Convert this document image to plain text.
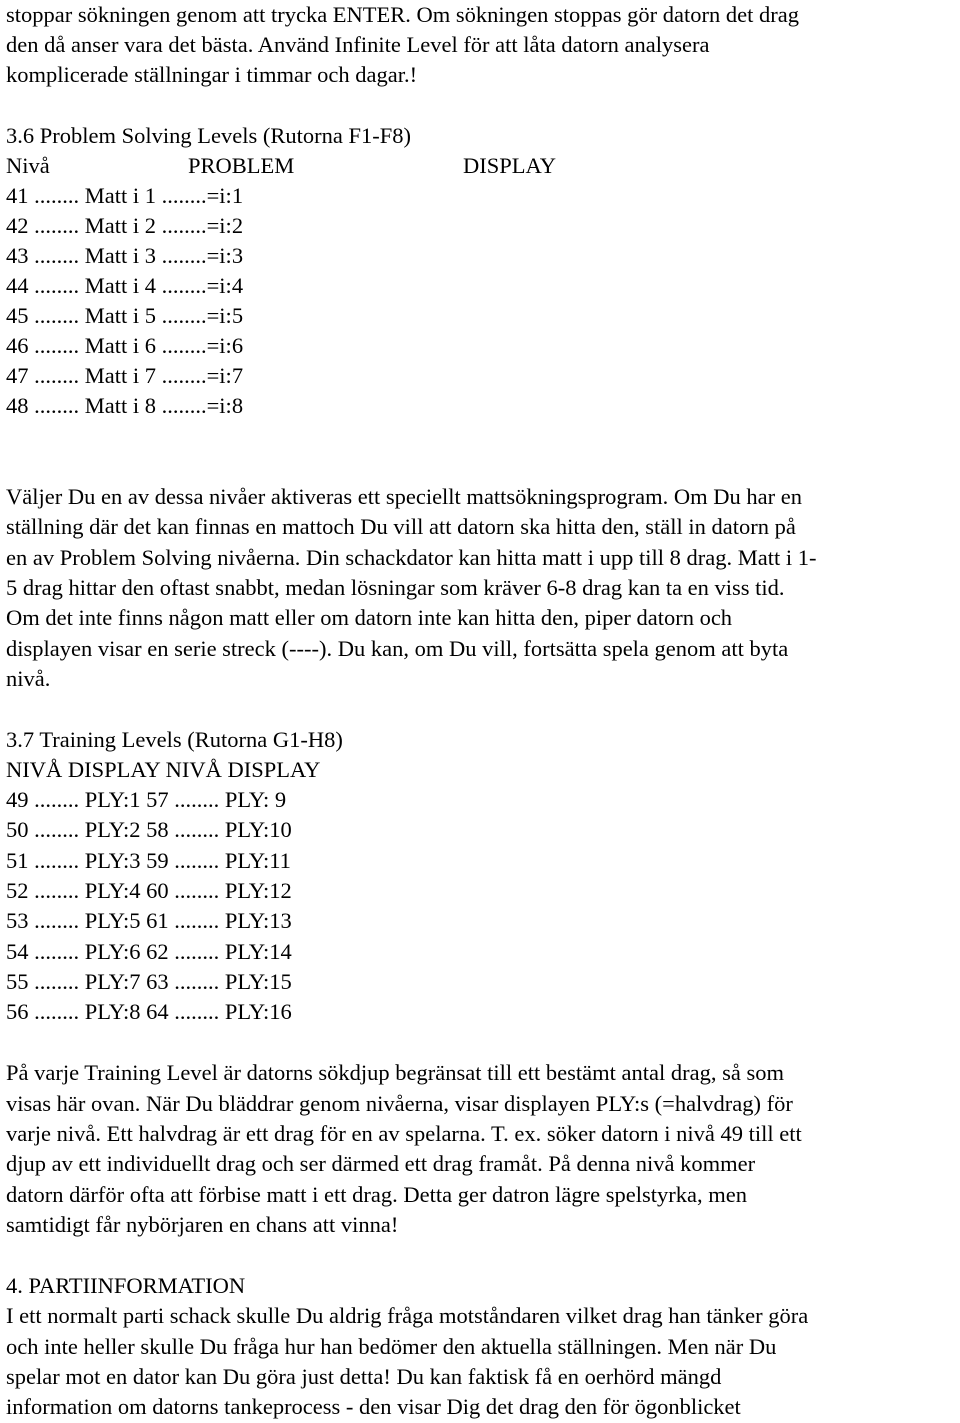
stoppar sökningen genom att trycka ENTER. Om sökningen stoppas gör datorn det drag
den då anser vara det bästa. Använd Infinite Level för att låta datorn analysera
komplicerade ställningar i timmar och dagar.!
3.6 Problem Solving Levels (Rutorna F1-F8)
Nivå	PROBLEM	DISPLAY
41 ........ Matt i 1 ........=i:1
42 ........ Matt i 2 ........=i:2
43 ........ Matt i 3 ........=i:3
44 ........ Matt i 4 ........=i:4
45 ........ Matt i 5 ........=i:5
46 ........ Matt i 6 ........=i:6
47 ........ Matt i 7 ........=i:7
48 ........ Matt i 8 ........=i:8
Väljer Du en av dessa nivåer aktiveras ett speciellt mattsökningsprogram. Om Du har en
ställning där det kan finnas en mattoch Du vill att datorn ska hitta den, ställ in datorn på
en av Problem Solving nivåerna. Din schackdator kan hitta matt i upp till 8 drag. Matt i 1-
5 drag hittar den oftast snabbt, medan lösningar som kräver 6-8 drag kan ta en viss tid.
Om det inte finns någon matt eller om datorn inte kan hitta den, piper datorn och
displayen visar en serie streck (----). Du kan, om Du vill, fortsätta spela genom att byta
nivå.
3.7 Training Levels (Rutorna G1-H8)
NIVÅ DISPLAY NIVÅ DISPLAY
49 ........ PLY:1 57 ........ PLY: 9
50 ........ PLY:2 58 ........ PLY:10
51 ........ PLY:3 59 ........ PLY:11
52 ........ PLY:4 60 ........ PLY:12
53 ........ PLY:5 61 ........ PLY:13
54 ........ PLY:6 62 ........ PLY:14
55 ........ PLY:7 63 ........ PLY:15
56 ........ PLY:8 64 ........ PLY:16
På varje Training Level är datorns sökdjup begränsat till ett bestämt antal drag, så som
visas här ovan. När Du bläddrar genom nivåerna, visar displayen PLY:s (=halvdrag) för
varje nivå. Ett halvdrag är ett drag för en av spelarna. T. ex. söker datorn i nivå 49 till ett
djup av ett individuellt drag och ser därmed ett drag framåt. På denna nivå kommer
datorn därför ofta att förbise matt i ett drag. Detta ger datron lägre spelstyrka, men
samtidigt får nybörjaren en chans att vinna!
4. PARTIINFORMATION
I ett normalt parti schack skulle Du aldrig fråga motståndaren vilket drag han tänker göra
och inte heller skulle Du fråga hur han bedömer den aktuella ställningen. Men när Du
spelar mot en dator kan Du göra just detta! Du kan faktisk få en oerhörd mängd
information om datorns tankeprocess - den visar Dig det drag den för ögonblicket
